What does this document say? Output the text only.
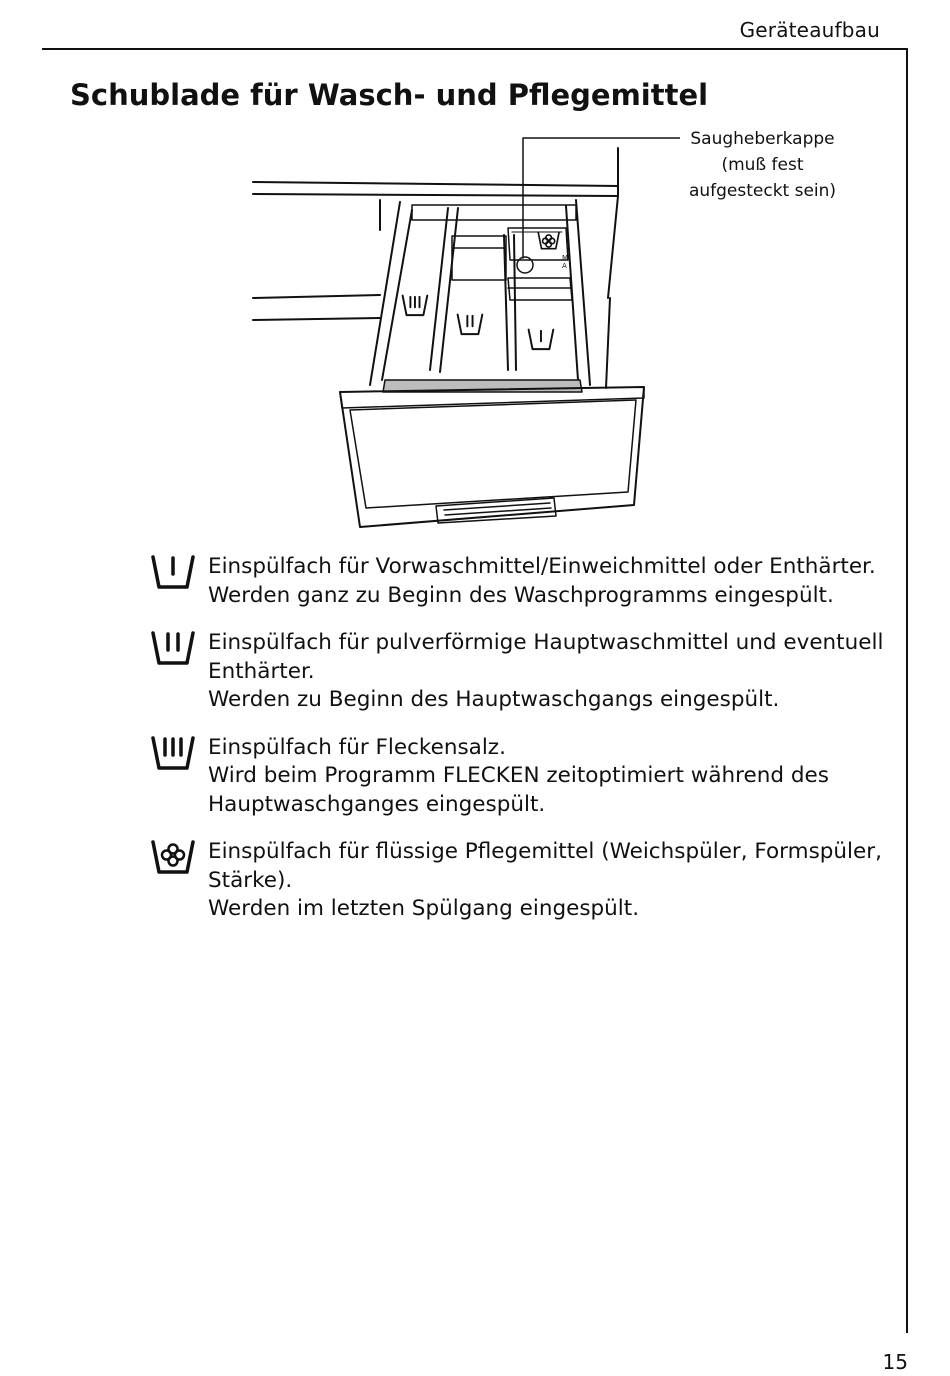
Geräteaufbau
Schublade für Wasch- und Pflegemittel
Saugheberkappe
(muß fest
aufgesteckt sein)
M
A

Einspülfach für Vorwaschmittel/Einweichmittel oder Enthärter.

Werden ganz zu Beginn des Waschprogramms eingespült.

Einspülfach für pulverförmige Hauptwaschmittel und eventuell

Enthärter.

Werden zu Beginn des Hauptwaschgangs eingespült.

Einspülfach für Fleckensalz.

Wird beim Programm FLECKEN zeitoptimiert während des

Hauptwaschganges eingespült.

Einspülfach für flüssige Pflegemittel (Weichspüler, Formspüler,

Stärke).

Werden im letzten Spülgang eingespült.

15
